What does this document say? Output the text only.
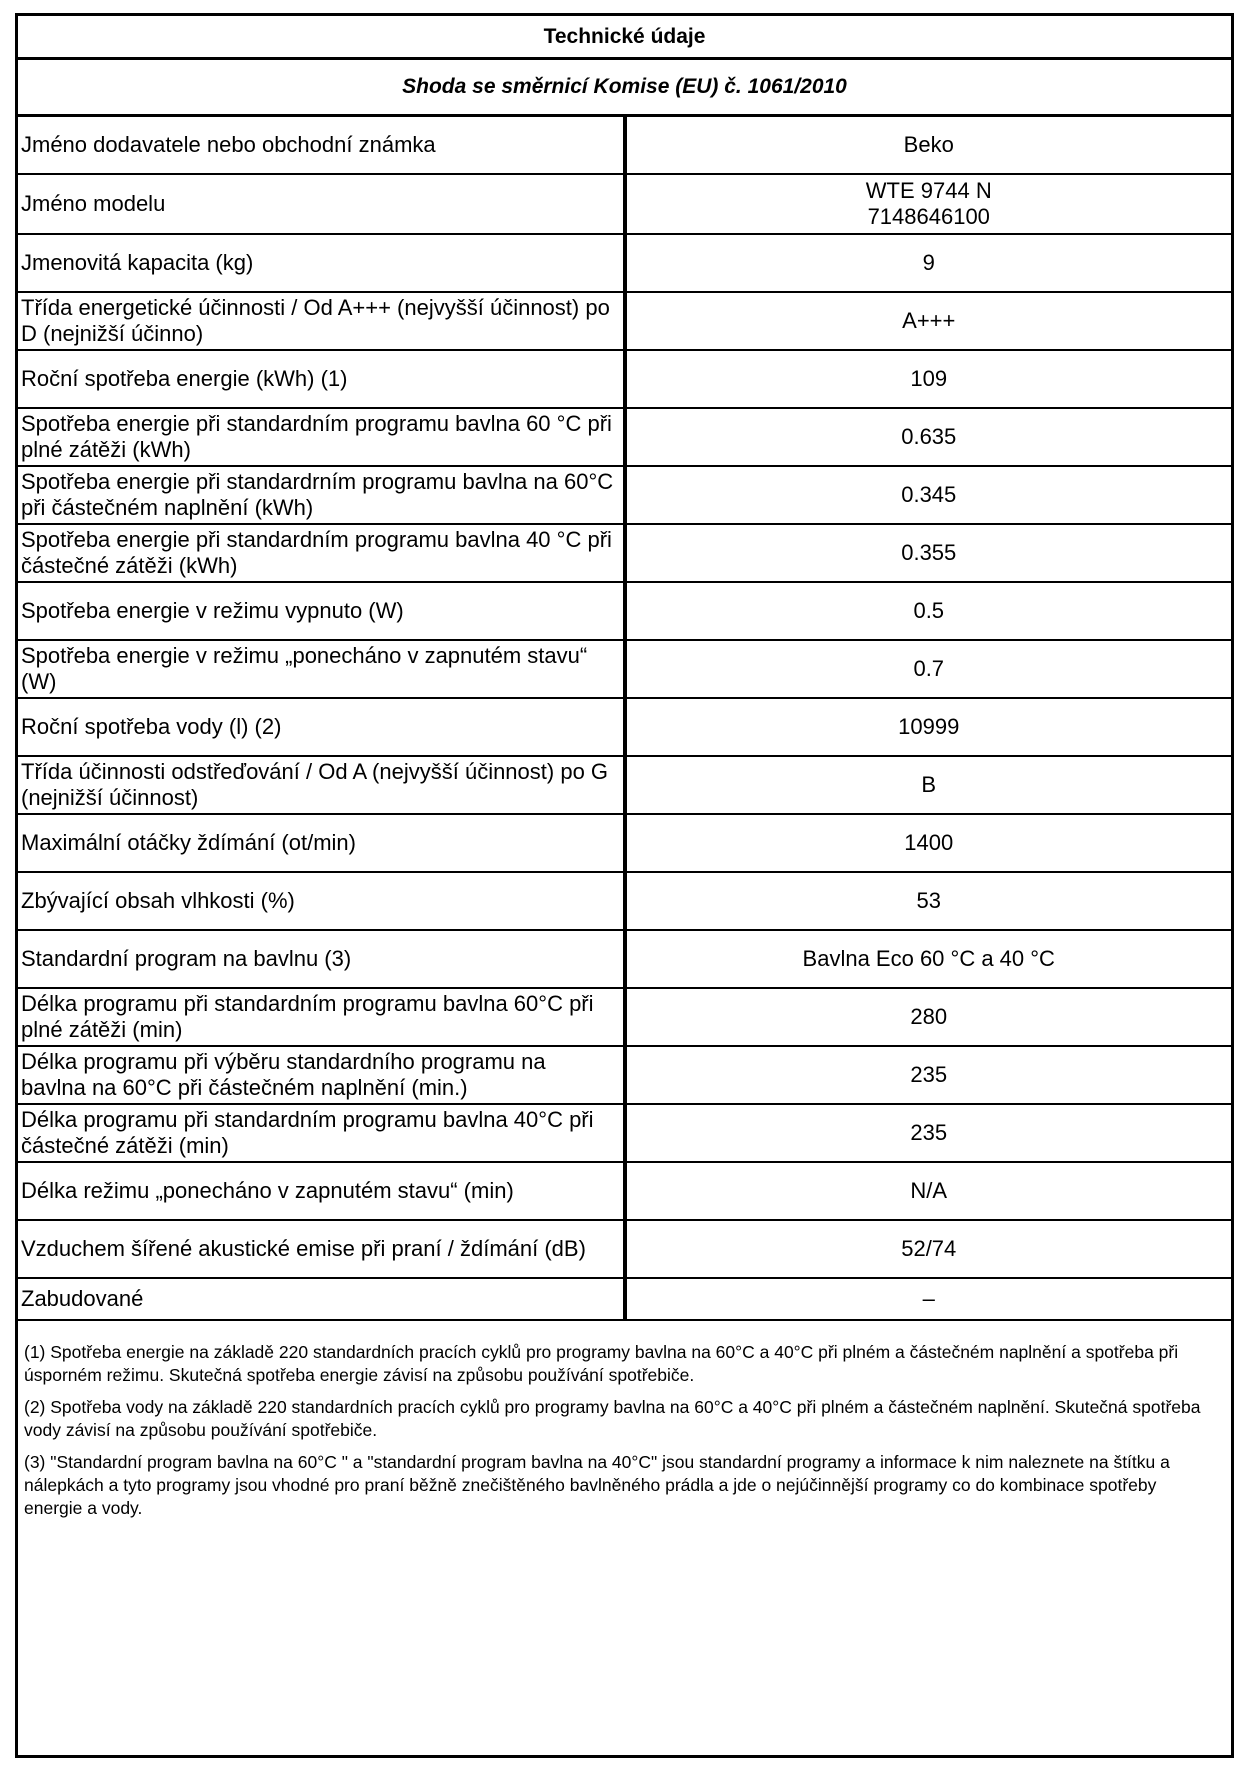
Technické údaje	
Shoda se směrnicí Komise (EU) č. 1061/2010	
Jméno dodavatele nebo obchodní známka	Beko

Jméno modelu	WTE 9744 N
7148646100

Jmenovitá kapacita (kg)	9

Třída energetické účinnosti / Od A+++ (nejvyšší účinnost) po D (nejnižší účinno)	A+++

Roční spotřeba energie (kWh) (1)	109

Spotřeba energie při standardním programu bavlna 60 °C při plné zátěži (kWh)	0.635

Spotřeba energie při standardrním programu bavlna na 60°C při částečném naplnění (kWh)	0.345

Spotřeba energie při standardním programu bavlna 40 °C při částečné zátěži (kWh)	0.355

Spotřeba energie v režimu vypnuto (W)	0.5

Spotřeba energie v režimu „ponecháno v zapnutém stavu“ (W)	0.7

Roční spotřeba vody (l) (2)	10999

Třída účinnosti odstřeďování / Od A (nejvyšší účinnost) po G (nejnižší účinnost)	B

Maximální otáčky ždímání (ot/min)	1400

Zbývající obsah vlhkosti (%)	53

Standardní program na bavlnu (3)	Bavlna Eco 60 °C a 40 °C

Délka programu při standardním programu bavlna 60°C při plné zátěži (min)	280

Délka programu při výběru standardního programu na bavlna na 60°C při částečném naplnění (min.)	235

Délka programu při standardním programu bavlna 40°C při částečné zátěži (min)	235

Délka režimu „ponecháno v zapnutém stavu“ (min)	N/A

Vzduchem šířené akustické emise při praní / ždímání (dB)	52/74

Zabudované	–

(1) Spotřeba energie na základě 220 standardních pracích cyklů pro programy bavlna na 60°C a 40°C při plném a částečném naplnění a spotřeba při úsporném režimu. Skutečná spotřeba energie závisí na způsobu používání spotřebiče.

(2) Spotřeba vody na základě 220 standardních pracích cyklů pro programy bavlna na 60°C a 40°C při plném a částečném naplnění. Skutečná spotřeba vody závisí na způsobu používání spotřebiče.

(3) "Standardní program bavlna na 60°C " a "standardní program bavlna na 40°C" jsou standardní programy a informace k nim naleznete na štítku a nálepkách a tyto programy jsou vhodné pro praní běžně znečištěného bavlněného prádla a jde o nejúčinnější programy co do kombinace spotřeby energie a vody.
